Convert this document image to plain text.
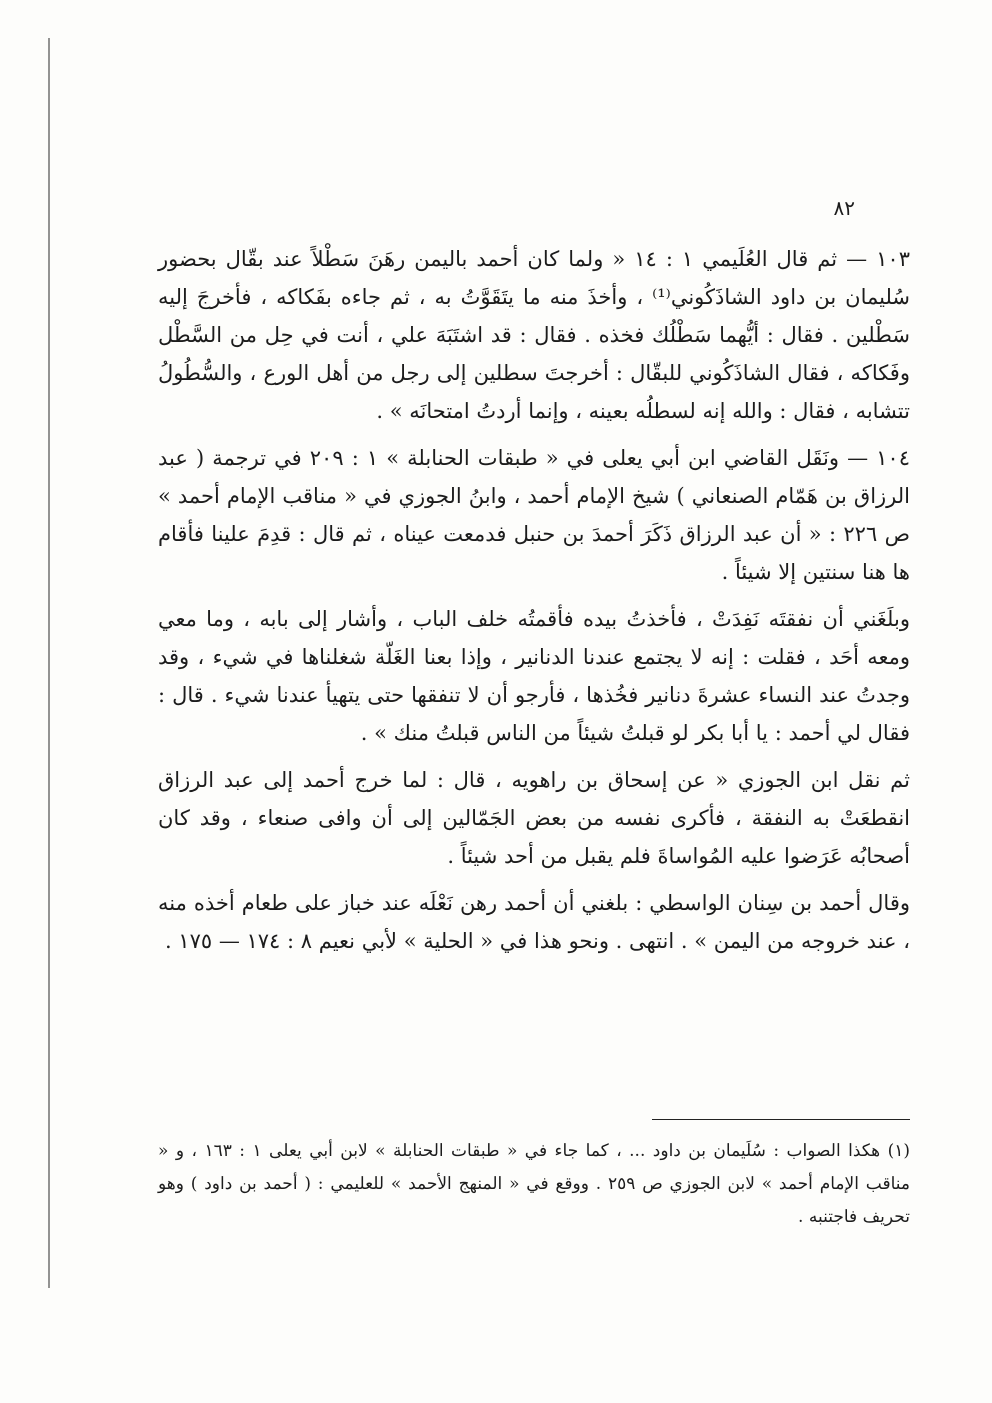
٨٢

١٠٣ — ثم قال العُلَيمي ١ : ١٤ « ولما كان أحمد باليمن رهَنَ سَطْلاً عند بقّال بحضور سُليمان بن داود الشاذَكُوني⁽¹⁾ ، وأخذَ منه ما يتَقَوَّتُ به ، ثم جاءه بفَكاكه ، فأخرجَ إليه سَطْلين . فقال : أيُّهما سَطْلُك فخذه . فقال : قد اشتَبَهَ علي ، أنت في حِل من السَّطْل وفَكاكه ، فقال الشاذَكُوني للبقّال : أخرجتَ سطلين إلى رجل من أهل الورع ، والسُّطُولُ تتشابه ، فقال : والله إنه لسطلُه بعينه ، وإنما أردتُ امتحانَه » .

١٠٤ — ونَقَل القاضي ابن أبي يعلى في « طبقات الحنابلة » ١ : ٢٠٩ في ترجمة ( عبد الرزاق بن هَمّام الصنعاني ) شيخ الإمام أحمد ، وابنُ الجوزي في « مناقب الإمام أحمد » ص ٢٢٦ : « أن عبد الرزاق ذَكَرَ أحمدَ بن حنبل فدمعت عيناه ، ثم قال : قدِمَ علينا فأقام ها هنا سنتين إلا شيئاً .

وبلَغَني أن نفقتَه نَفِدَتْ ، فأخذتُ بيده فأقمتُه خلف الباب ، وأشار إلى بابه ، وما معي ومعه أحَد ، فقلت : إنه لا يجتمع عندنا الدنانير ، وإذا بعنا الغَلّة شغلناها في شيء ، وقد وجدتُ عند النساء عشرةَ دنانير فخُذها ، فأرجو أن لا تنفقها حتى يتهيأ عندنا شيء . قال : فقال لي أحمد : يا أبا بكر لو قبلتُ شيئاً من الناس قبلتُ منك » .

ثم نقل ابن الجوزي « عن إسحاق بن راهويه ، قال : لما خرج أحمد إلى عبد الرزاق انقطعَتْ به النفقة ، فأكرى نفسه من بعض الجَمّالين إلى أن وافى صنعاء ، وقد كان أصحابُه عَرَضوا عليه المُواساةَ فلم يقبل من أحد شيئاً .

وقال أحمد بن سِنان الواسطي : بلغني أن أحمد رهن نَعْلَه عند خباز على طعام أخذه منه ، عند خروجه من اليمن » . انتهى . ونحو هذا في « الحلية » لأبي نعيم ٨ : ١٧٤ — ١٧٥ .

(١) هكذا الصواب : سُلَيمان بن داود ... ، كما جاء في « طبقات الحنابلة » لابن أبي يعلى ١ : ١٦٣ ، و « مناقب الإمام أحمد » لابن الجوزي ص ٢٥٩ . ووقع في « المنهج الأحمد » للعليمي : ( أحمد بن داود ) وهو تحريف فاجتنبه .
